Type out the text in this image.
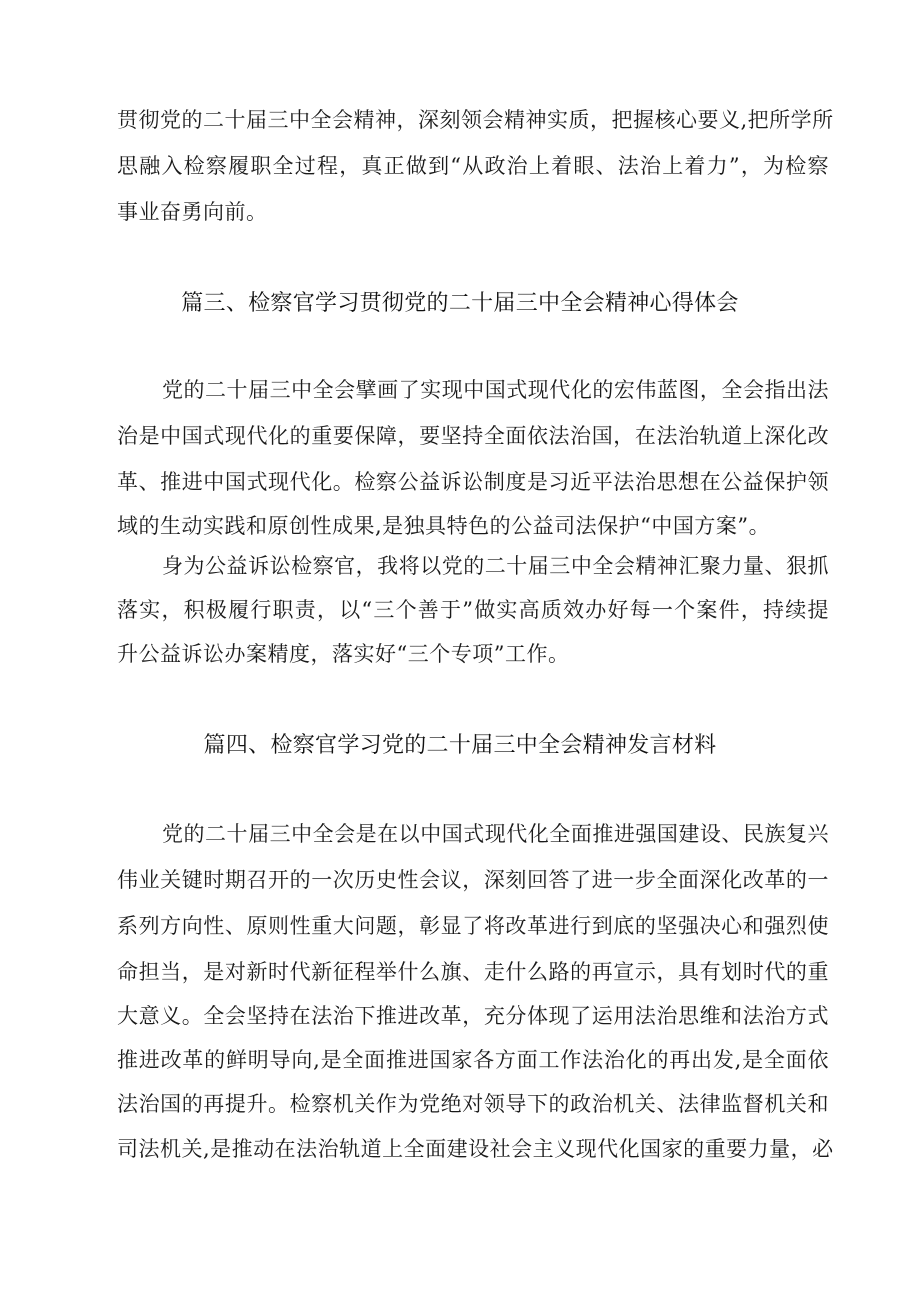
贯彻党的二十届三中全会精神，深刻领会精神实质，把握核心要义,把所学所
思融入检察履职全过程，真正做到“从政治上着眼、法治上着力”，为检察
事业奋勇向前。
篇三、检察官学习贯彻党的二十届三中全会精神心得体会
党的二十届三中全会擘画了实现中国式现代化的宏伟蓝图，全会指出法
治是中国式现代化的重要保障，要坚持全面依法治国，在法治轨道上深化改
革、推进中国式现代化。检察公益诉讼制度是习近平法治思想在公益保护领
域的生动实践和原创性成果,是独具特色的公益司法保护“中国方案”。
身为公益诉讼检察官，我将以党的二十届三中全会精神汇聚力量、狠抓
落实，积极履行职责，以“三个善于”做实高质效办好每一个案件，持续提
升公益诉讼办案精度，落实好“三个专项”工作。
篇四、检察官学习党的二十届三中全会精神发言材料
党的二十届三中全会是在以中国式现代化全面推进强国建设、民族复兴
伟业关键时期召开的一次历史性会议，深刻回答了进一步全面深化改革的一
系列方向性、原则性重大问题，彰显了将改革进行到底的坚强决心和强烈使
命担当，是对新时代新征程举什么旗、走什么路的再宣示，具有划时代的重
大意义。全会坚持在法治下推进改革，充分体现了运用法治思维和法治方式
推进改革的鲜明导向,是全面推进国家各方面工作法治化的再出发,是全面依
法治国的再提升。检察机关作为党绝对领导下的政治机关、法律监督机关和
司法机关,是推动在法治轨道上全面建设社会主义现代化国家的重要力量，必
